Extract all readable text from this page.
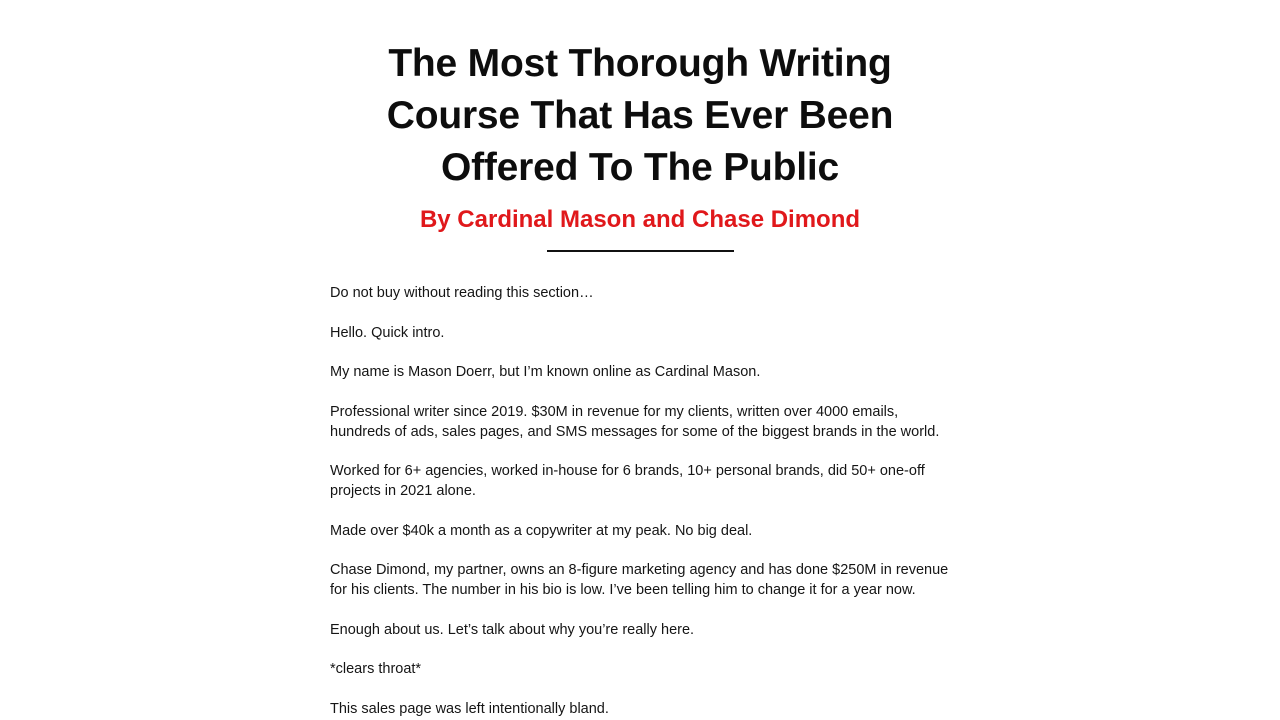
The Most Thorough Writing Course That Has Ever Been Offered To The Public
By Cardinal Mason and Chase Dimond

Do not buy without reading this section…

Hello. Quick intro.

My name is Mason Doerr, but I’m known online as Cardinal Mason.

Professional writer since 2019. $30M in revenue for my clients, written over 4000 emails, hundreds of ads, sales pages, and SMS messages for some of the biggest brands in the world.

Worked for 6+ agencies, worked in-house for 6 brands, 10+ personal brands, did 50+ one-off projects in 2021 alone.

Made over $40k a month as a copywriter at my peak. No big deal.

Chase Dimond, my partner, owns an 8-figure marketing agency and has done $250M in revenue for his clients. The number in his bio is low. I’ve been telling him to change it for a year now.

Enough about us. Let’s talk about why you’re really here.

*clears throat*

This sales page was left intentionally bland.
